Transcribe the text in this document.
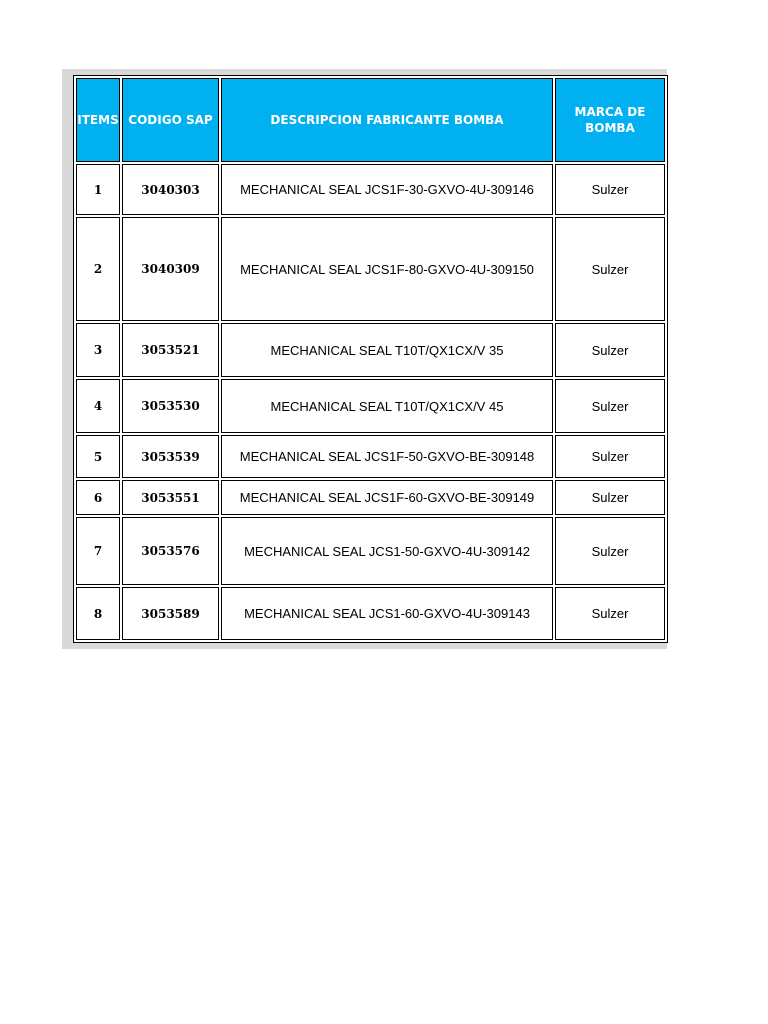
ITEMS	CODIGO SAP	DESCRIPCION FABRICANTE BOMBA	MARCA DE BOMBA
1	3040303	MECHANICAL SEAL JCS1F-30-GXVO-4U-309146	Sulzer
2	3040309	MECHANICAL SEAL JCS1F-80-GXVO-4U-309150	Sulzer
3	3053521	MECHANICAL SEAL T10T/QX1CX/V 35	Sulzer
4	3053530	MECHANICAL SEAL T10T/QX1CX/V 45	Sulzer
5	3053539	MECHANICAL SEAL JCS1F-50-GXVO-BE-309148	Sulzer
6	3053551	MECHANICAL SEAL JCS1F-60-GXVO-BE-309149	Sulzer
7	3053576	MECHANICAL SEAL JCS1-50-GXVO-4U-309142	Sulzer
8	3053589	MECHANICAL SEAL JCS1-60-GXVO-4U-309143	Sulzer
